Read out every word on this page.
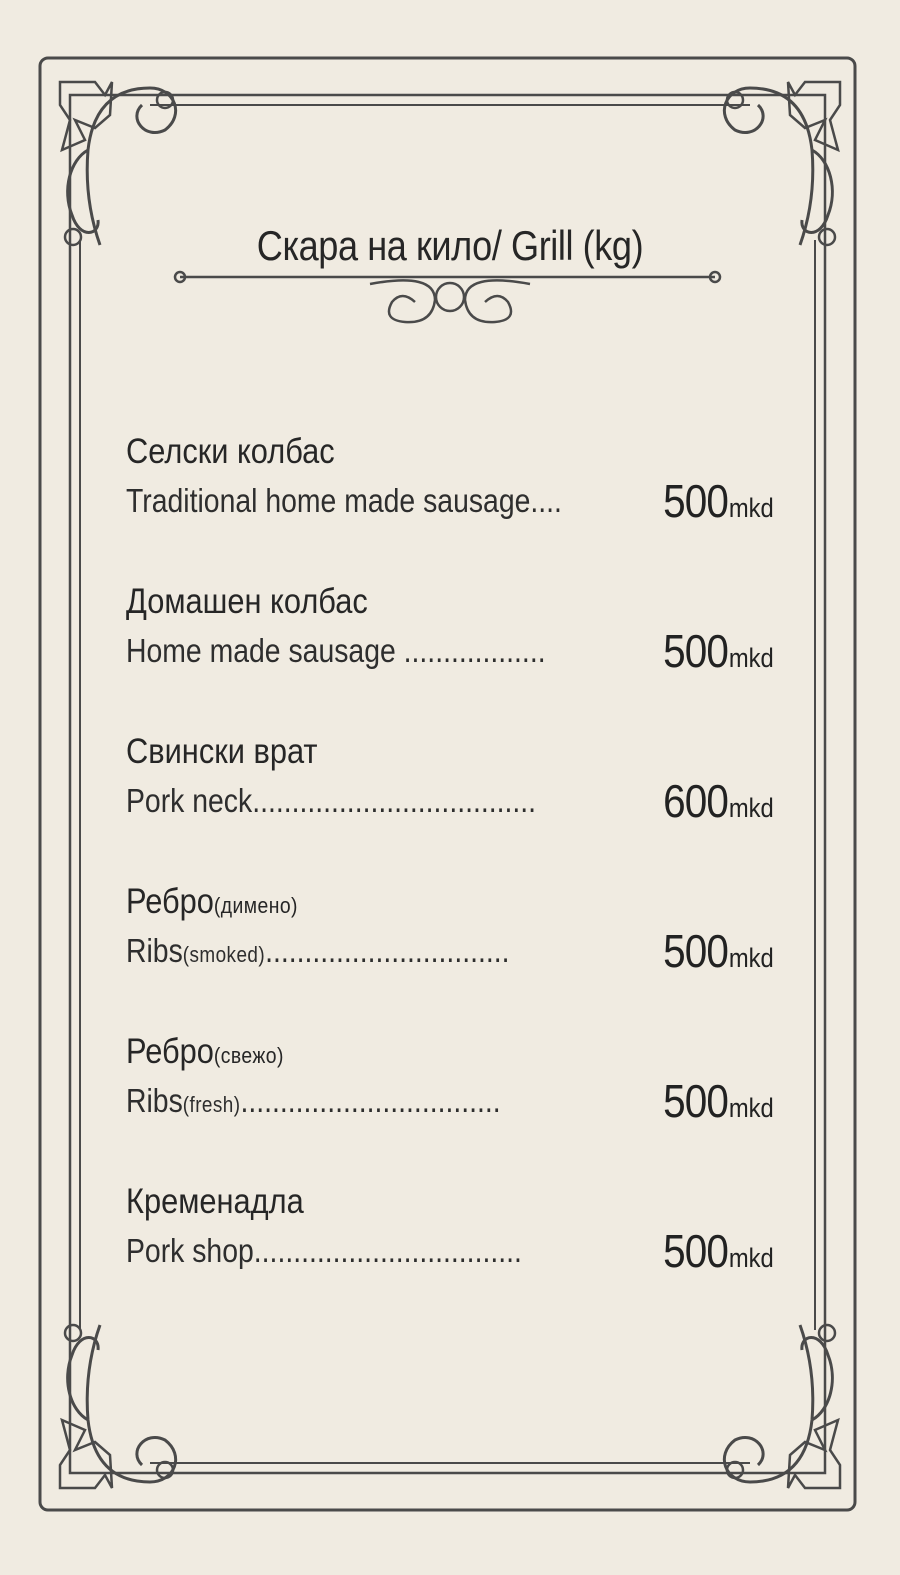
Скара на кило/ Grill (kg)
Селски колбас
Traditional home made sausage.... 500mkd
Домашен колбас
Home made sausage ..................	500mkd
Свински врат
Pork neck....................................	600mkd
Ребро(димено)
Ribs(smoked)...............................	500mkd
Ребро(свежо)
Ribs(fresh).................................	500mkd
Кременадла
Pork shop..................................	500mkd
